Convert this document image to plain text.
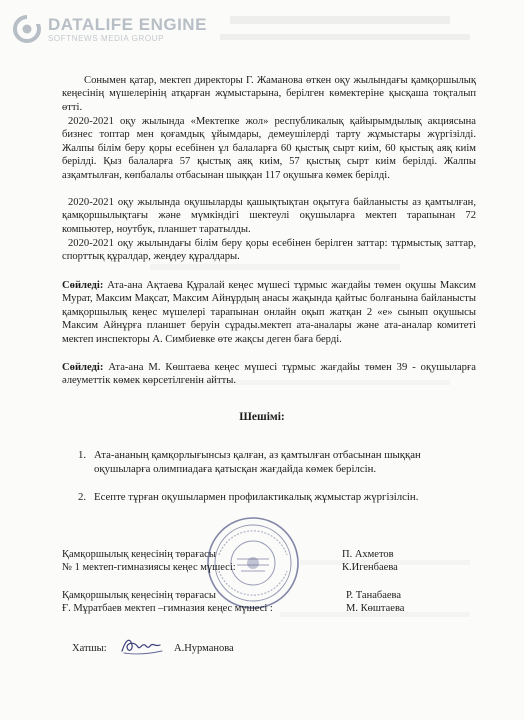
DATALIFE ENGINE
SOFTNEWS MEDIA GROUP

Сонымен қатар, мектеп директоры Г. Жаманова өткен оқу жылындағы қамқоршылық кеңесінің мүшелерінің атқарған жұмыстарына, берілген көмектеріне қысқаша тоқталып өтті.

2020-2021 оқу жылында «Мектепке жол» республикалық қайырымдылық акциясына бизнес топтар мен қоғамдық ұйымдары, демеушілерді тарту жұмыстары жүргізілді. Жалпы білім беру қоры есебінен ұл балаларға 60 қыстық сырт киім, 60 қыстық аяқ киім берілді. Қыз балаларға 57 қыстық аяқ киім, 57 қыстық сырт киім берілді. Жалпы азқамтылған, көпбалалы отбасынан шыққан 117 оқушыға көмек берілді.

2020-2021 оқу жылында оқушыларды қашықтықтан оқытуға байланысты аз қамтылған, қамқоршылықтағы және мүмкіндігі шектеулі оқушыларға мектеп тарапынан 72 компьютер, ноутбук, планшет таратылды.

2020-2021 оқу жылындағы білім беру қоры есебінен берілген заттар: тұрмыстық заттар, спорттық құралдар, жеңдеу құралдары.

Сөйледі: Ата-ана Ақтаева Құралай кеңес мүшесі тұрмыс жағдайы төмен оқушы Максим Мурат, Максим Мақсат, Максим Айнұрдың анасы жақында қайтыс болғанына байланысты қамқоршылық кеңес мүшелері тарапынан онлайн оқып жатқан 2 «е» сынып оқушысы Максим Айнұрға планшет беруін сұрады.мектеп ата-аналары және ата-аналар комитеті мектеп инспекторы А. Симбиевке өте жақсы деген баға берді.

Сөйледі: Ата-ана М. Көштаева кеңес мүшесі тұрмыс жағдайы төмен 39 - оқушыларға әлеуметтік көмек көрсетілгенін айтты.

Шешімі:
1. Ата-ананың қамқорлығынсыз қалған, аз қамтылған отбасынан шыққан оқушыларға олимпиадаға қатысқан жағдайда көмек берілсін.
2. Есепте тұрған оқушылармен профилактикалық жұмыстар жүргізілсін.
Қамқоршылық кеңесінің төрағасы
№ 1 мектеп-гимназиясы кеңес мүшесі:
П. Ахметов
К.Игенбаева
Қамқоршылық кеңесінің төрағасы
Ғ. Мұратбаев мектеп –гимназия кеңес мүшесі :
Р. Танабаева
М. Көштаева
Хатшы:	А.Нурманова
